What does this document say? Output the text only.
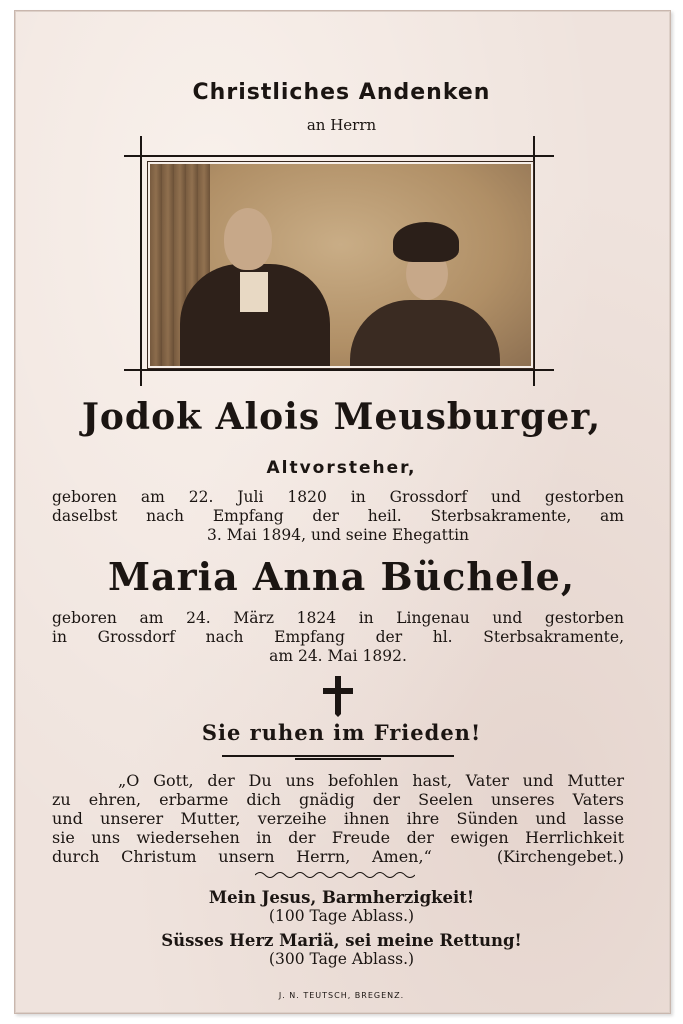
Christliches Andenken
an Herrn
Jodok Alois Meusburger,
Altvorsteher,
geboren am 22. Juli 1820 in Grossdorf und gestorben
daselbst nach Empfang der heil. Sterbsakramente, am
3. Mai 1894, und seine Ehegattin
Maria Anna Büchele,
geboren am 24. März 1824 in Lingenau und gestorben
in Grossdorf nach Empfang der hl. Sterbsakramente,
am 24. Mai 1892.
Sie ruhen im Frieden!
„O Gott, der Du uns befohlen hast, Vater und Mutter
zu ehren, erbarme dich gnädig der Seelen unseres Vaters
und unserer Mutter, verzeihe ihnen ihre Sünden und lasse
sie uns wiedersehen in der Freude der ewigen Herrlichkeit
durch Christum unsern Herrn, Amen,“   (Kirchengebet.)
Mein Jesus, Barmherzigkeit!
(100 Tage Ablass.)
Süsses Herz Mariä, sei meine Rettung!
(300 Tage Ablass.)
J. N. TEUTSCH, BREGENZ.
